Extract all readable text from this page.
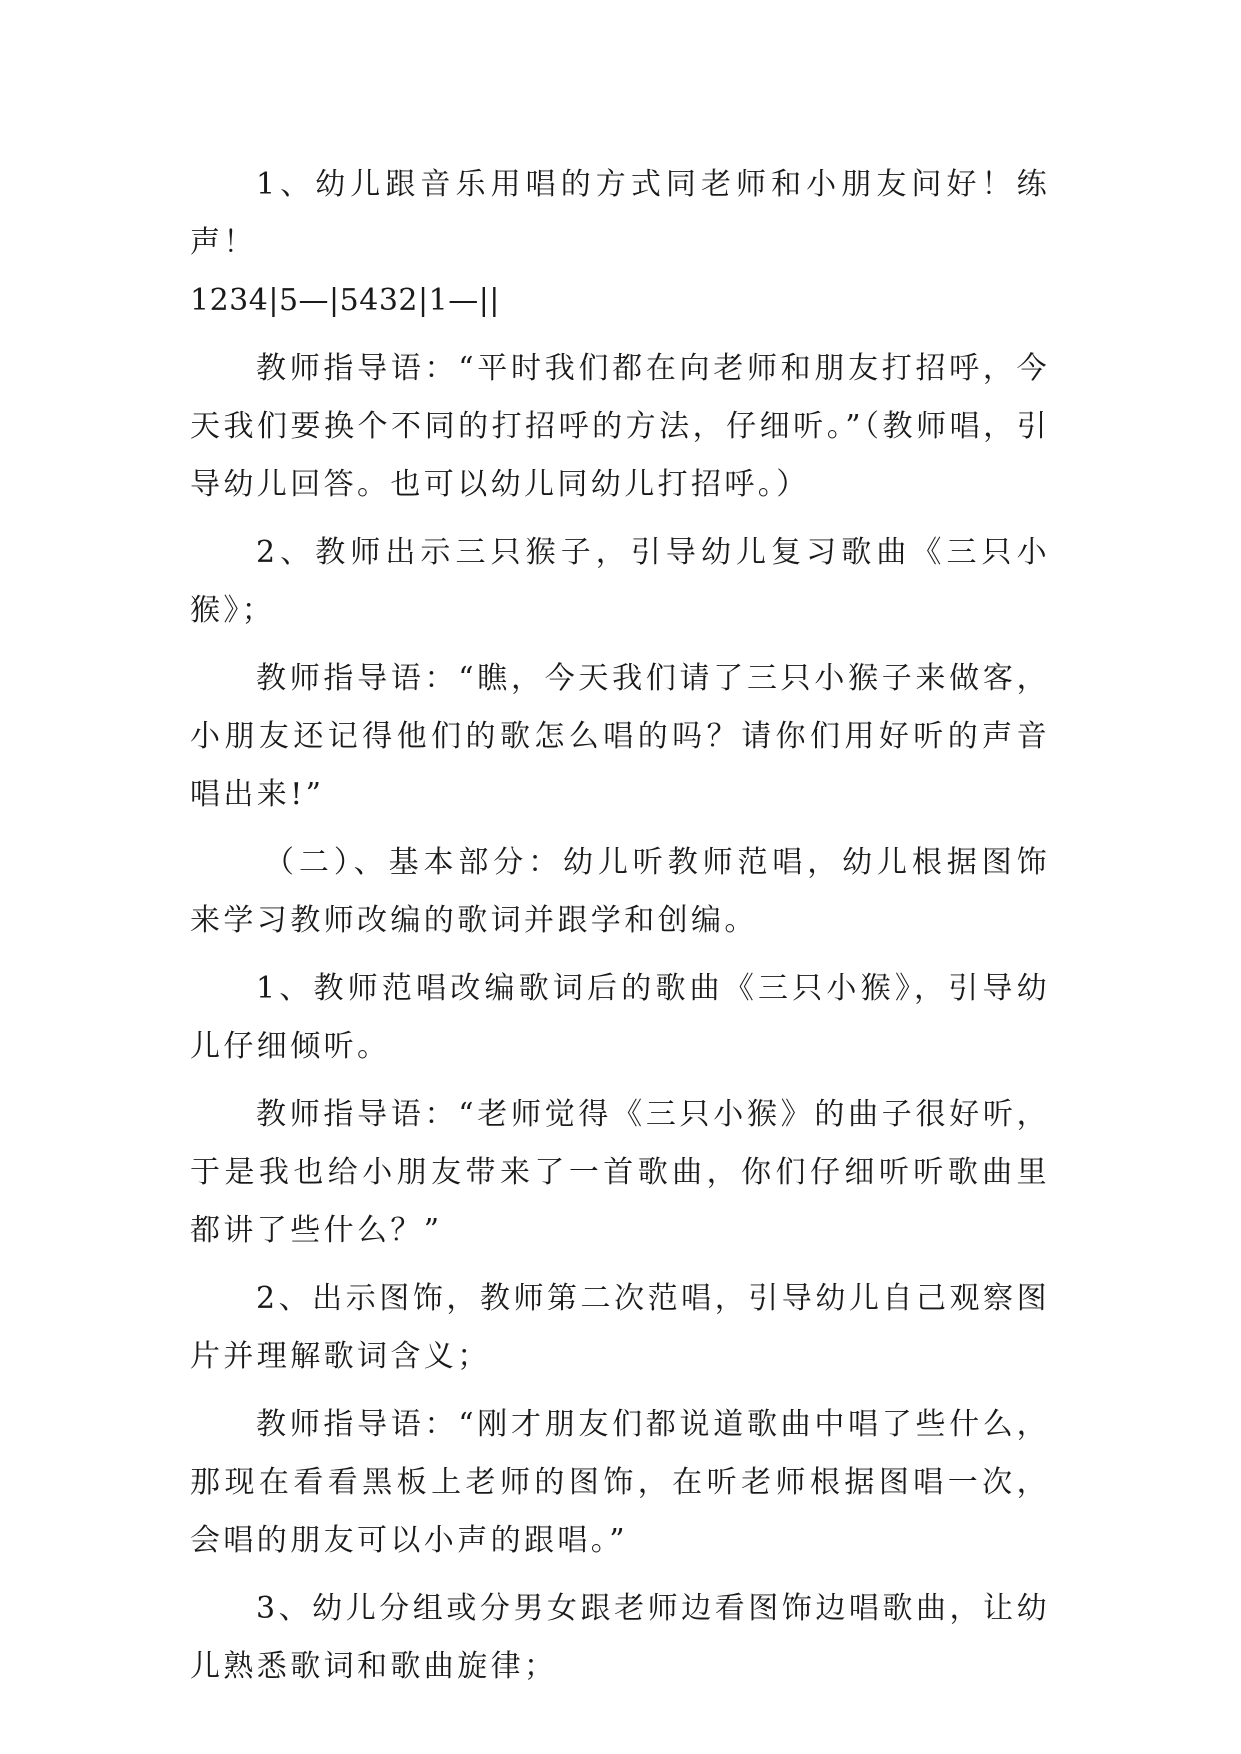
1、幼儿跟音乐用唱的方式同老师和小朋友问好！练声！

1234|5—|5432|1—||

教师指导语：“平时我们都在向老师和朋友打招呼，今天我们要换个不同的打招呼的方法，仔细听。”（教师唱，引导幼儿回答。也可以幼儿同幼儿打招呼。）

2、教师出示三只猴子，引导幼儿复习歌曲《三只小猴》；

教师指导语：“瞧，今天我们请了三只小猴子来做客，小朋友还记得他们的歌怎么唱的吗？请你们用好听的声音唱出来!”

（二）、基本部分：幼儿听教师范唱，幼儿根据图饰来学习教师改编的歌词并跟学和创编。

1、教师范唱改编歌词后的歌曲《三只小猴》，引导幼儿仔细倾听。

教师指导语：“老师觉得《三只小猴》的曲子很好听，于是我也给小朋友带来了一首歌曲，你们仔细听听歌曲里都讲了些什么？”

2、出示图饰，教师第二次范唱，引导幼儿自己观察图片并理解歌词含义；

教师指导语：“刚才朋友们都说道歌曲中唱了些什么，那现在看看黑板上老师的图饰，在听老师根据图唱一次，会唱的朋友可以小声的跟唱。”

3、幼儿分组或分男女跟老师边看图饰边唱歌曲，让幼儿熟悉歌词和歌曲旋律；
